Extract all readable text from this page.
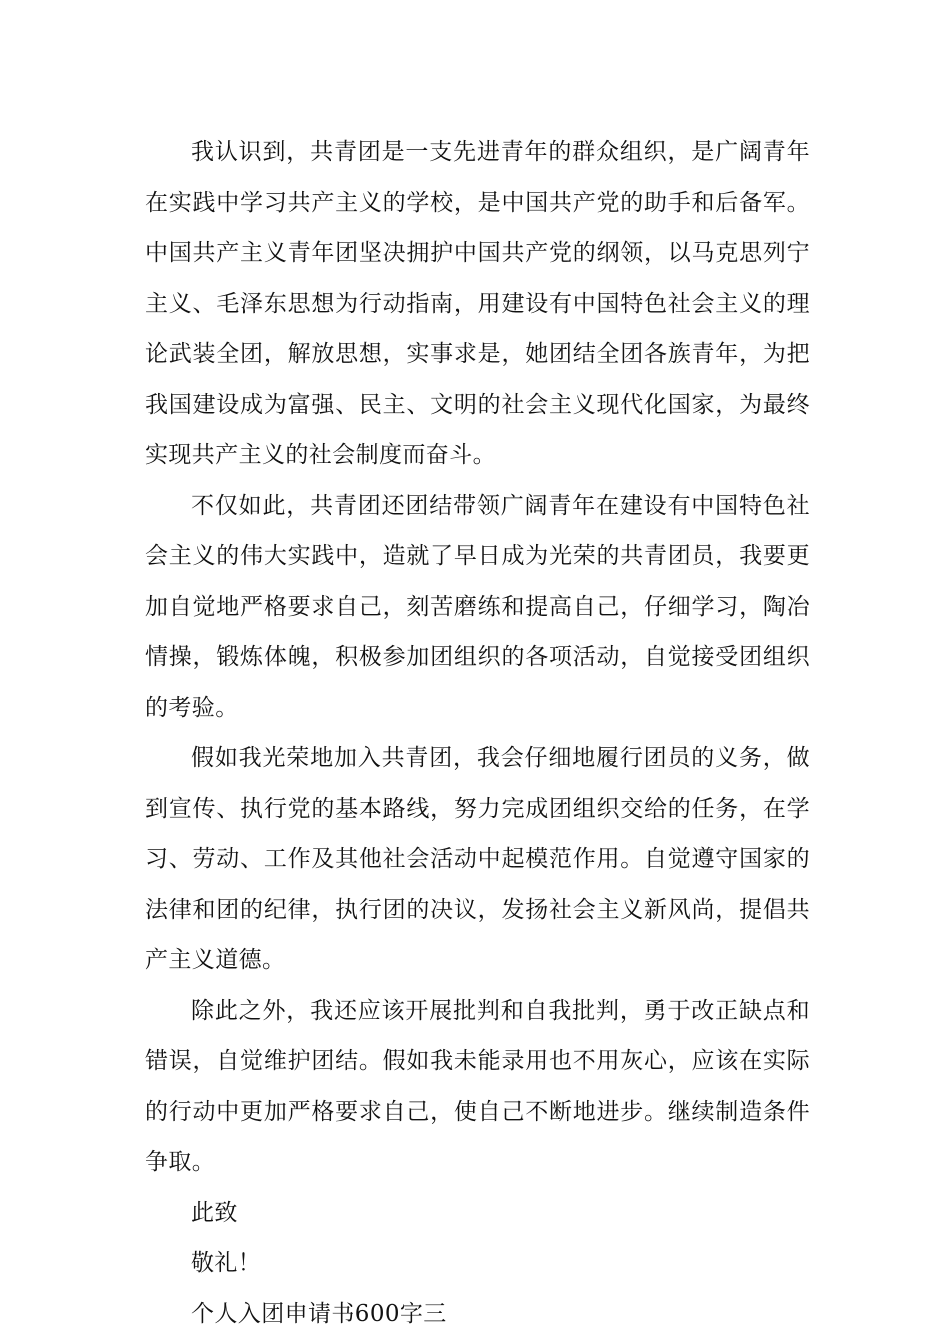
我认识到，共青团是一支先进青年的群众组织，是广阔青年在实践中学习共产主义的学校，是中国共产党的助手和后备军。中国共产主义青年团坚决拥护中国共产党的纲领，以马克思列宁主义、毛泽东思想为行动指南，用建设有中国特色社会主义的理论武装全团，解放思想，实事求是，她团结全团各族青年，为把我国建设成为富强、民主、文明的社会主义现代化国家，为最终实现共产主义的社会制度而奋斗。

不仅如此，共青团还团结带领广阔青年在建设有中国特色社会主义的伟大实践中，造就了早日成为光荣的共青团员，我要更加自觉地严格要求自己，刻苦磨练和提高自己，仔细学习，陶冶情操，锻炼体魄，积极参加团组织的各项活动，自觉接受团组织的考验。

假如我光荣地加入共青团，我会仔细地履行团员的义务，做到宣传、执行党的基本路线，努力完成团组织交给的任务，在学习、劳动、工作及其他社会活动中起模范作用。自觉遵守国家的法律和团的纪律，执行团的决议，发扬社会主义新风尚，提倡共产主义道德。

除此之外，我还应该开展批判和自我批判，勇于改正缺点和错误，自觉维护团结。假如我未能录用也不用灰心，应该在实际的行动中更加严格要求自己，使自己不断地进步。继续制造条件争取。

此致

敬礼！

个人入团申请书600字三
